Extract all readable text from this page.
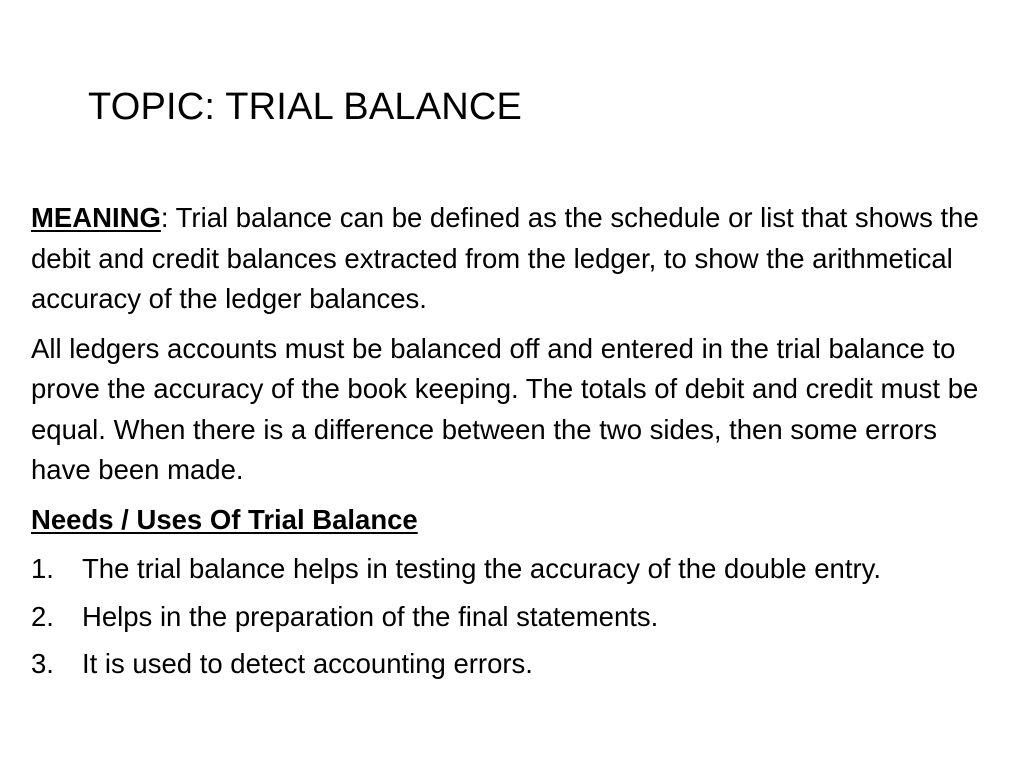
TOPIC: TRIAL BALANCE

MEANING: Trial balance can be defined as the schedule or list that shows the debit and credit balances extracted from the ledger, to show the arithmetical accuracy of the ledger balances.

All ledgers accounts must be balanced off and entered in the trial balance to prove the accuracy of the book keeping. The totals of debit and credit must be equal. When there is a difference between the two sides, then some errors have been made.

Needs / Uses Of Trial Balance
1.	The trial balance helps in testing the accuracy of the double entry.
2.	Helps in the preparation of the final statements.
3.	It is used to detect accounting errors.
